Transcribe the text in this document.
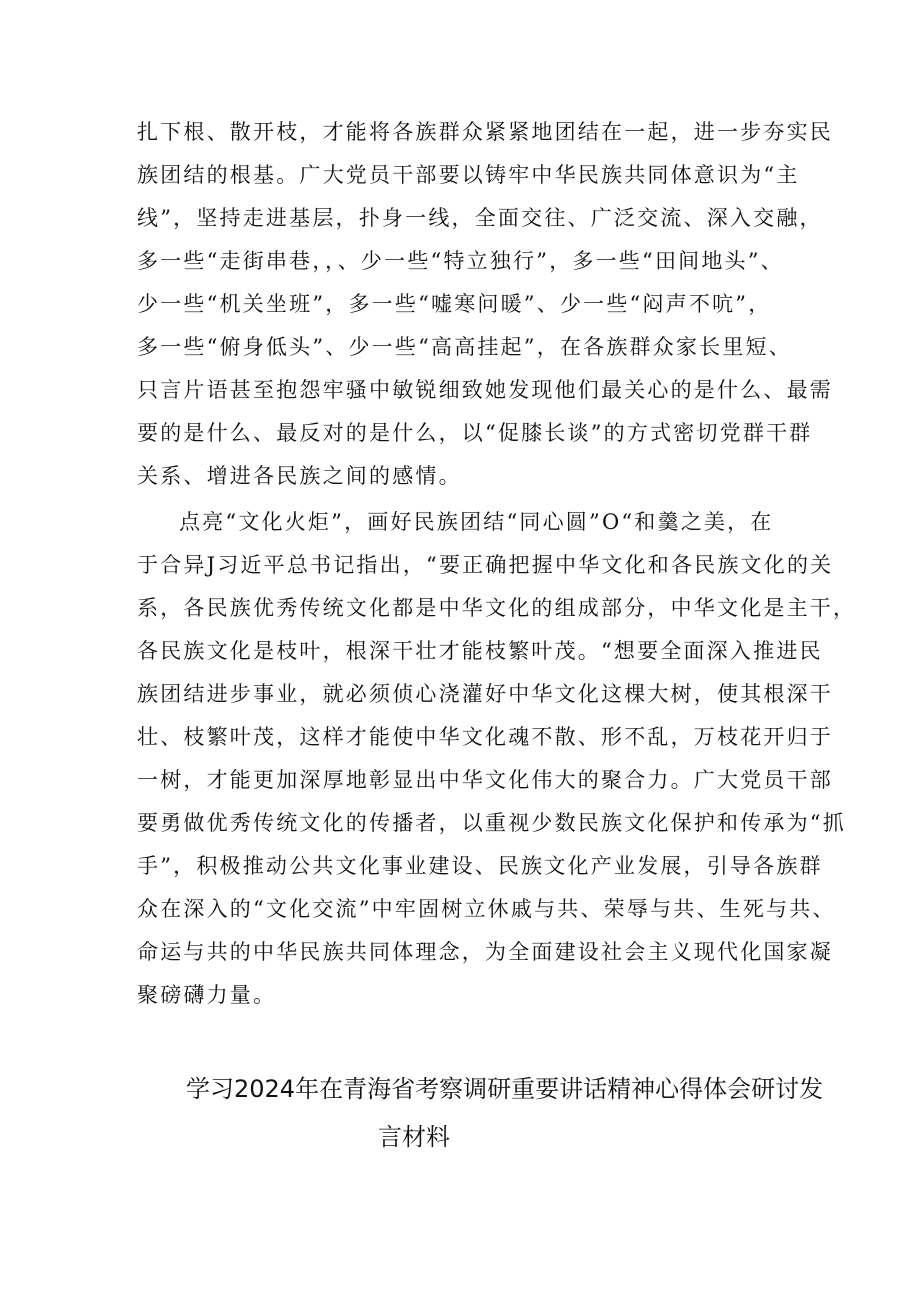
扎下根、散开枝，才能将各族群众紧紧地团结在一起，进一步夯实民
族团结的根基。广大党员干部要以铸牢中华民族共同体意识为“主
线”，坚持走进基层，扑身一线，全面交往、广泛交流、深入交融，
多一些“走街串巷，，、少一些“特立独行”，多一些“田间地头”、
少一些“机关坐班”，多一些“嘘寒问暖”、少一些“闷声不吭”，
多一些“俯身低头”、少一些“高高挂起”，在各族群众家长里短、
只言片语甚至抱怨牢骚中敏锐细致她发现他们最关心的是什么、最需
要的是什么、最反对的是什么，以“促膝长谈”的方式密切党群干群
关系、增进各民族之间的感情。
点亮“文化火炬”，画好民族团结“同心圆”O“和羹之美，在
于合异J习近平总书记指出，“要正确把握中华文化和各民族文化的关
系，各民族优秀传统文化都是中华文化的组成部分，中华文化是主干，
各民族文化是枝叶，根深干壮才能枝繁叶茂。“想要全面深入推进民
族团结进步事业，就必须侦心浇灌好中华文化这棵大树，使其根深干
壮、枝繁叶茂，这样才能使中华文化魂不散、形不乱，万枝花开归于
一树，才能更加深厚地彰显出中华文化伟大的聚合力。广大党员干部
要勇做优秀传统文化的传播者，以重视少数民族文化保护和传承为“抓
手”，积极推动公共文化事业建设、民族文化产业发展，引导各族群
众在深入的“文化交流”中牢固树立休戚与共、荣辱与共、生死与共、
命运与共的中华民族共同体理念，为全面建设社会主义现代化国家凝
聚磅礴力量。
学习2024年在青海省考察调研重要讲话精神心得体会研讨发
言材料
